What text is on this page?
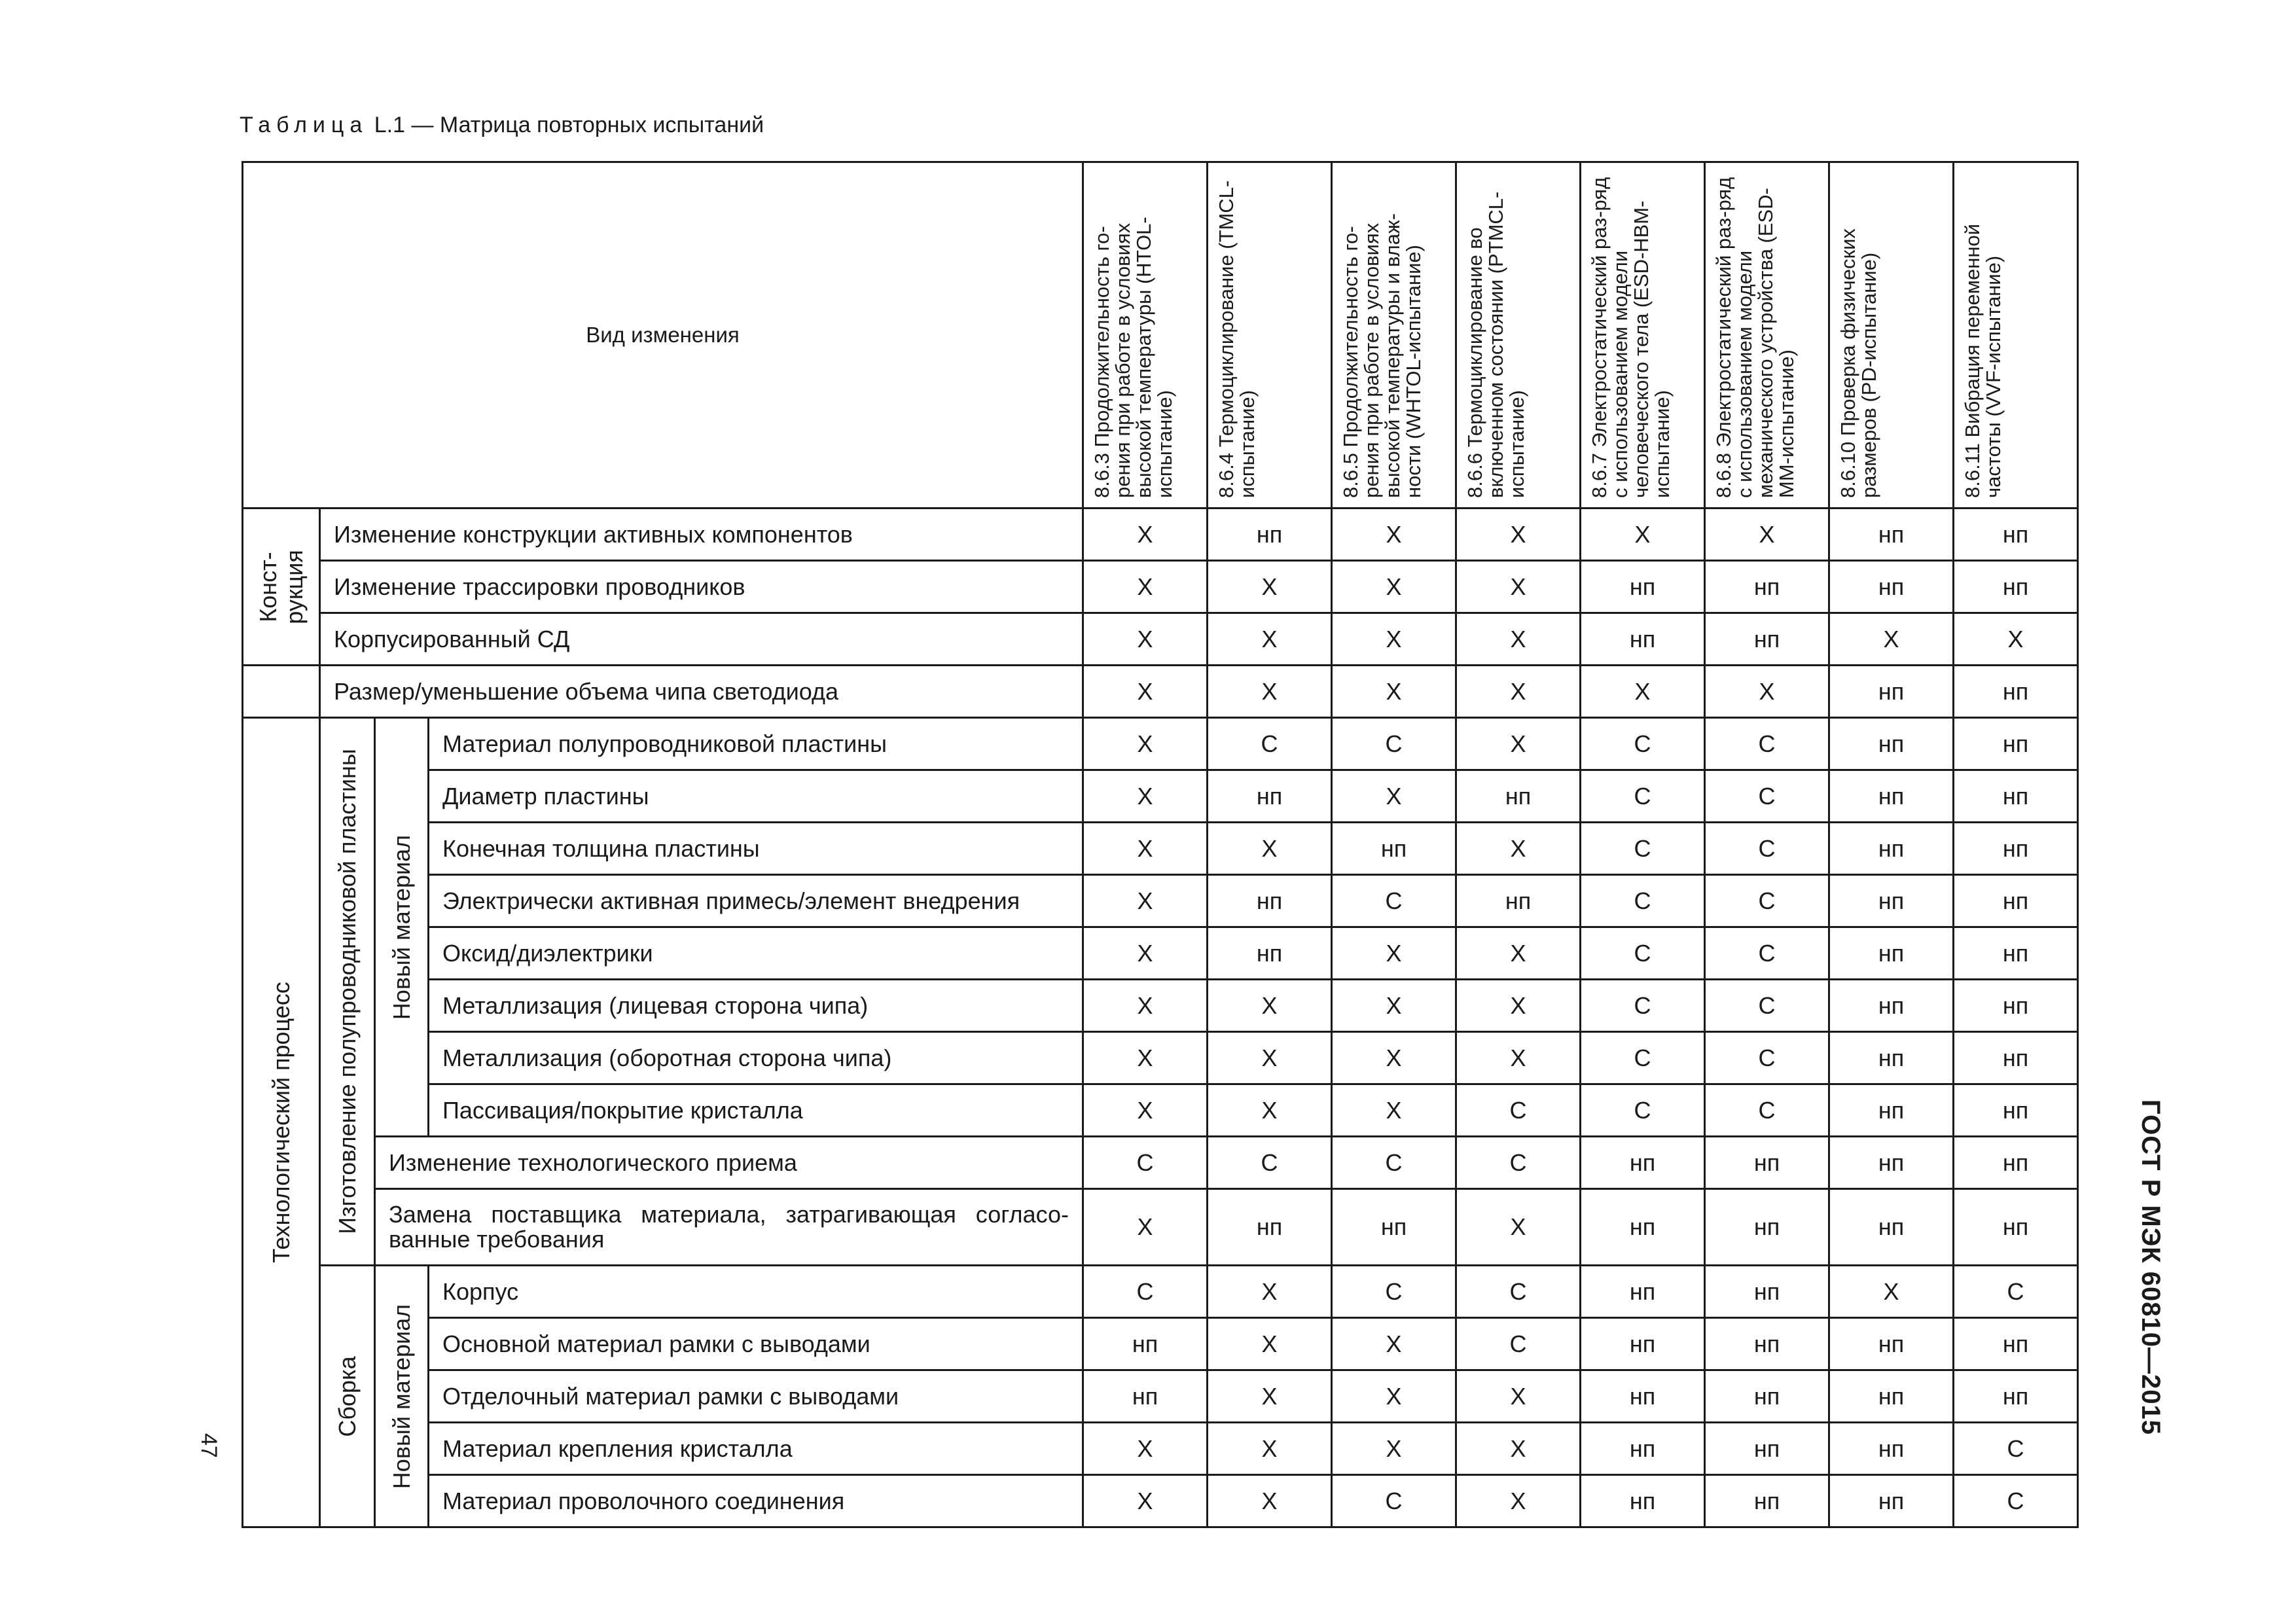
Таблица L.1 — Матрица повторных испытаний
ГОСТ Р МЭК 60810—2015
47
Вид изменения				8.6.3 Продолжительность го-рения при работе в условиях высокой температуры (HTOL-испытание)	8.6.4 Термоциклирование (TMCL-испытание)	8.6.5 Продолжительность го-рения при работе в условиях высокой температуры и влаж-ности (WHTOL-испытание)	8.6.6 Термоциклирование во включенном состоянии (PTMCL-испытание)	8.6.7 Электростатический раз-ряд с использованием модели человеческого тела (ESD-HBM-испытание)	8.6.8 Электростатический раз-ряд с использованием модели механического устройства (ESD-MM-испытание)	8.6.10 Проверка физических размеров (PD-испытание)	8.6.11 Вибрация переменной частоты (VVF-испытание)

Конст-
рукция	Изменение конструкции активных компонентов			X	нп	X	X	X	X	нп	нп
	Изменение трассировки проводников			X	X	X	X	нп	нп	нп	нп
	Корпусированный СД			X	X	X	X	нп	нп	X	X
	Размер/уменьшение объема чипа светодиода			X	X	X	X	X	X	нп	нп

Технологический процесс	Изготовление полупроводниковой пластины	Новый материал	Материал полупроводниковой пластины	X	C	C	X	C	C	нп	нп
			Диаметр пластины	X	нп	X	нп	C	C	нп	нп
			Конечная толщина пластины	X	X	нп	X	C	C	нп	нп
			Электрически активная примесь/элемент внедрения	X	нп	C	нп	C	C	нп	нп
			Оксид/диэлектрики	X	нп	X	X	C	C	нп	нп
			Металлизация (лицевая сторона чипа)	X	X	X	X	C	C	нп	нп
			Металлизация (оборотная сторона чипа)	X	X	X	X	C	C	нп	нп
			Пассивация/покрытие кристалла	X	X	X	C	C	C	нп	нп
		Изменение технологического приема		C	C	C	C	нп	нп	нп	нп
		Замена поставщика материала, затрагивающая согласо-ванные требования		X	нп	нп	X	нп	нп	нп	нп

	Сборка	Новый материал	Корпус	C	X	C	C	нп	нп	X	C
			Основной материал рамки с выводами	нп	X	X	C	нп	нп	нп	нп
			Отделочный материал рамки с выводами	нп	X	X	X	нп	нп	нп	нп
			Материал крепления кристалла	X	X	X	X	нп	нп	нп	C
			Материал проволочного соединения	X	X	C	X	нп	нп	нп	C
